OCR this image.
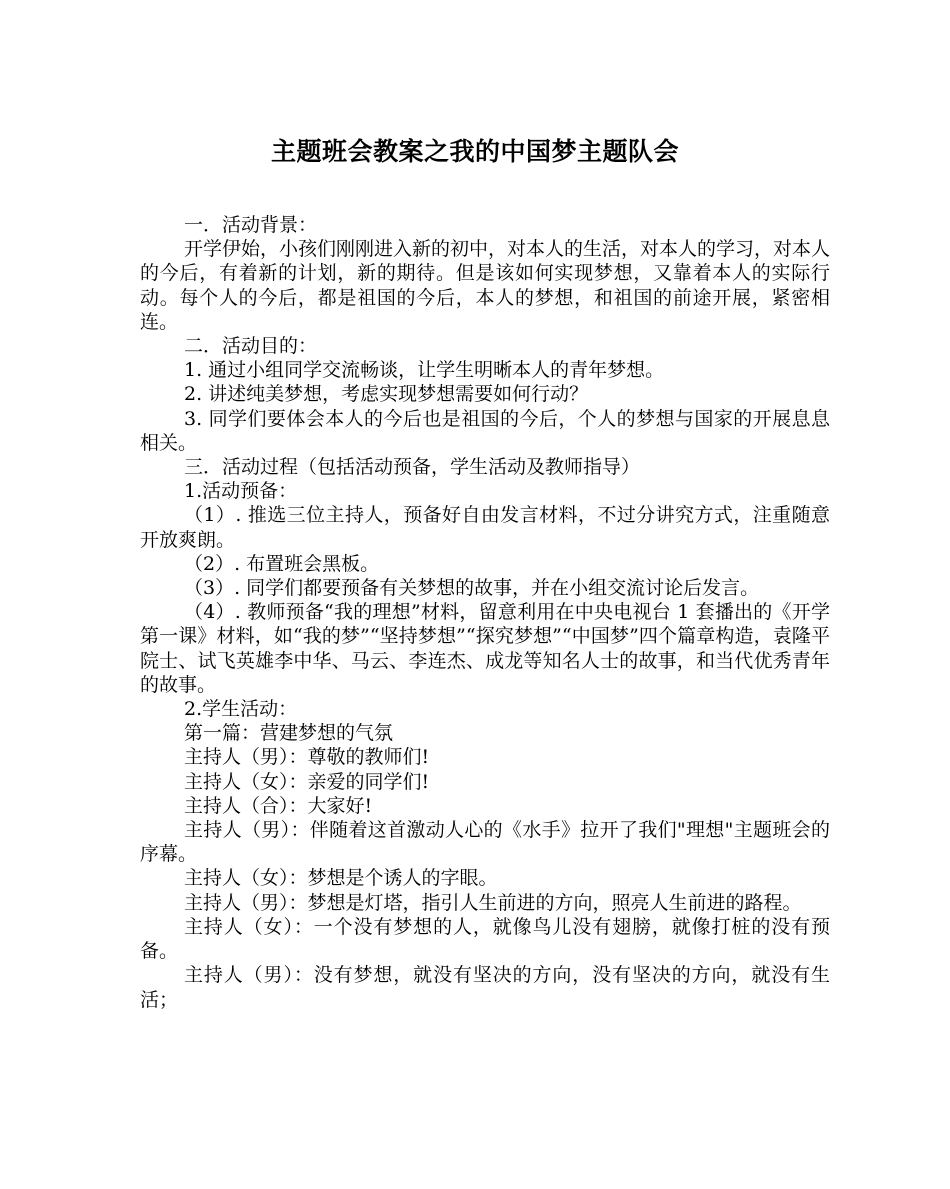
主题班会教案之我的中国梦主题队会

一．活动背景：

开学伊始，小孩们刚刚进入新的初中，对本人的生活，对本人的学习，对本人的今后，有着新的计划，新的期待。但是该如何实现梦想，又靠着本人的实际行动。每个人的今后，都是祖国的今后，本人的梦想，和祖国的前途开展，紧密相连。

二．活动目的：

1. 通过小组同学交流畅谈，让学生明晰本人的青年梦想。

2. 讲述纯美梦想，考虑实现梦想需要如何行动？

3. 同学们要体会本人的今后也是祖国的今后，个人的梦想与国家的开展息息相关。

三．活动过程（包括活动预备，学生活动及教师指导）

1.活动预备：

（1）. 推选三位主持人，预备好自由发言材料，不过分讲究方式，注重随意开放爽朗。

（2）. 布置班会黑板。

（3）. 同学们都要预备有关梦想的故事，并在小组交流讨论后发言。

（4）. 教师预备“我的理想”材料，留意利用在中央电视台 1 套播出的《开学第一课》材料，如“我的梦”“坚持梦想”“探究梦想”“中国梦”四个篇章构造，袁隆平院士、试飞英雄李中华、马云、李连杰、成龙等知名人士的故事，和当代优秀青年的故事。

2.学生活动：

第一篇：营建梦想的气氛

主持人（男）：尊敬的教师们!

主持人（女）：亲爱的同学们!

主持人（合）：大家好!

主持人（男）：伴随着这首激动人心的《水手》拉开了我们"理想"主题班会的序幕。

主持人（女）：梦想是个诱人的字眼。

主持人（男）：梦想是灯塔，指引人生前进的方向，照亮人生前进的路程。

主持人（女）：一个没有梦想的人，就像鸟儿没有翅膀，就像打桩的没有预备。

主持人（男）：没有梦想，就没有坚决的方向，没有坚决的方向，就没有生活；
